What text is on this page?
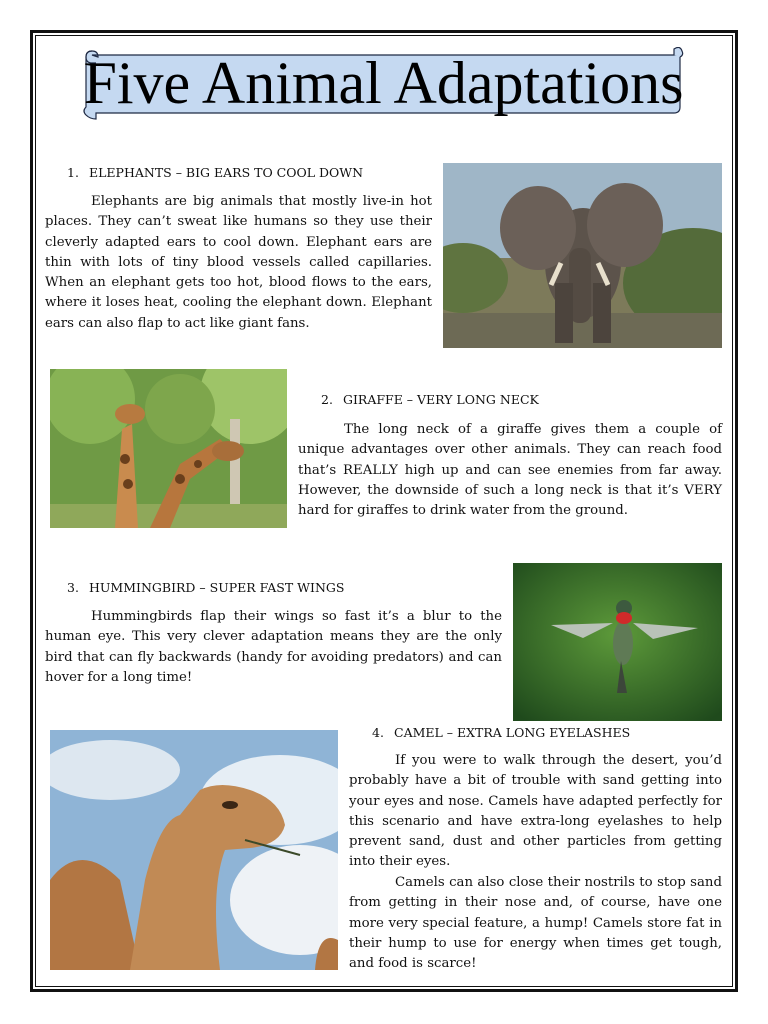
Five Animal Adaptations
1. ELEPHANTS – BIG EARS TO COOL DOWN

Elephants are big animals that mostly live-in hot places. They can’t sweat like humans so they use their cleverly adapted ears to cool down. Elephant ears are thin with lots of tiny blood vessels called capillaries. When an elephant gets too hot, blood flows to the ears, where it loses heat, cooling the elephant down. Elephant ears can also flap to act like giant fans.

2. GIRAFFE – VERY LONG NECK

The long neck of a giraffe gives them a couple of unique advantages over other animals. They can reach food that’s REALLY high up and can see enemies from far away. However, the downside of such a long neck is that it’s VERY hard for giraffes to drink water from the ground.

3. HUMMINGBIRD – SUPER FAST WINGS

Hummingbirds flap their wings so fast it’s a blur to the human eye. This very clever adaptation means they are the only bird that can fly backwards (handy for avoiding predators) and can hover for a long time!

4. CAMEL – EXTRA LONG EYELASHES

If you were to walk through the desert, you’d probably have a bit of trouble with sand getting into your eyes and nose. Camels have adapted perfectly for this scenario and have extra-long eyelashes to help prevent sand, dust and other particles from getting into their eyes.

Camels can also close their nostrils to stop sand from getting in their nose and, of course, have one more very special feature, a hump! Camels store fat in their hump to use for energy when times get tough, and food is scarce!
